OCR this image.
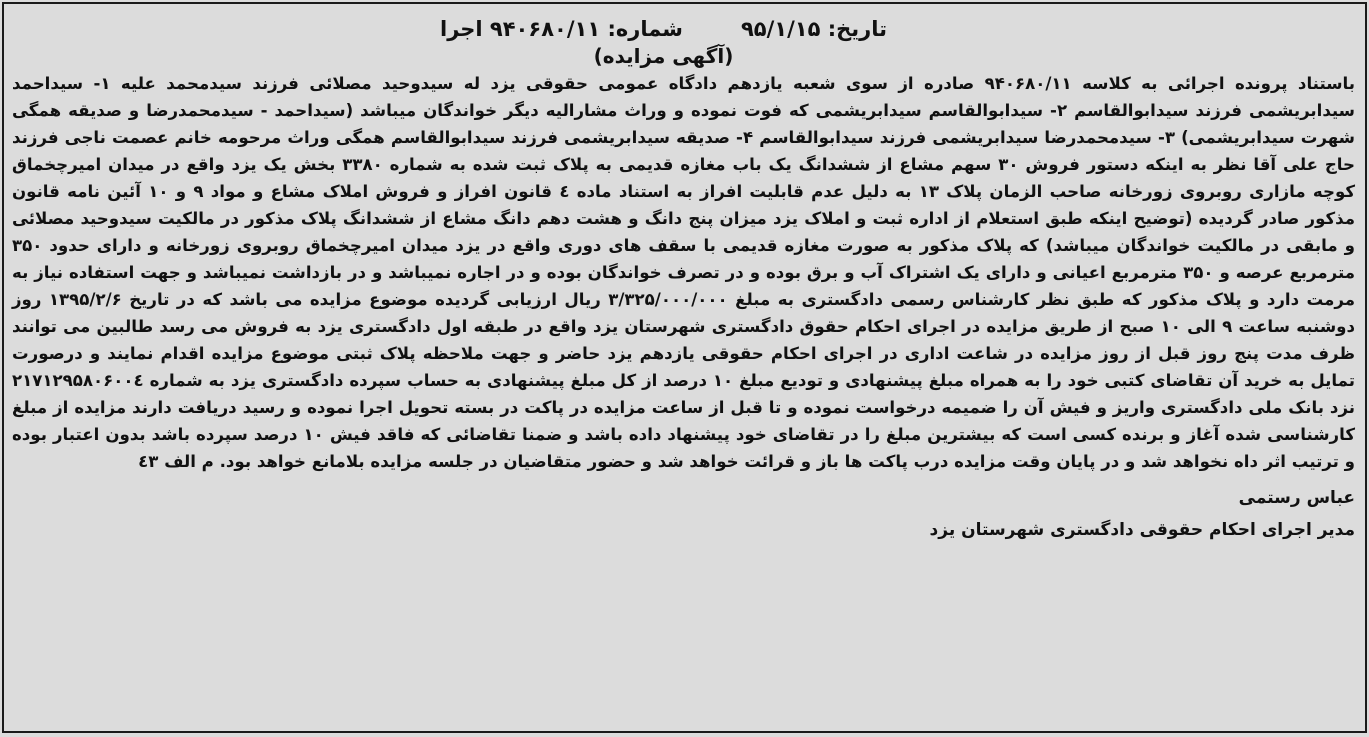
تاریخ: ۹۵/۱/۱۵
شماره: ۹۴۰۶۸۰/۱۱ اجرا
(آگهی مزایده)
باستناد پرونده اجرائی به کلاسه ۹۴۰۶۸۰/۱۱ صادره از سوی شعبه یازدهم دادگاه عمومی حقوقی یزد له سیدوحید مصلائی فرزند سیدمحمد علیه ۱- سیداحمد سیدابریشمی فرزند سیدابوالقاسم ۲- سیدابوالقاسم سیدابریشمی که فوت نموده و وراث مشارالیه دیگر خواندگان میباشد (سیداحمد - سیدمحمدرضا و صدیقه همگی شهرت سیدابریشمی) ۳- سیدمحمدرضا سیدابریشمی فرزند سیدابوالقاسم ۴- صدیقه سیدابریشمی فرزند سیدابوالقاسم همگی وراث مرحومه خانم عصمت ناجی فرزند حاج علی آقا نظر به اینکه دستور فروش ۳۰ سهم مشاع از ششدانگ یک باب مغازه قدیمی به پلاک ثبت شده به شماره ۳۳۸۰ بخش یک یزد واقع در میدان امیرچخماق کوچه مازاری روبروی زورخانه صاحب الزمان پلاک ۱۳ به دلیل عدم قابلیت افراز به استناد ماده ٤ قانون افراز و فروش املاک مشاع و مواد ۹ و ۱۰ آئین نامه قانون مذکور صادر گردیده (توضیح اینکه طبق استعلام از اداره ثبت و املاک یزد میزان پنج دانگ و هشت دهم دانگ مشاع از ششدانگ پلاک مذکور در مالکیت سیدوحید مصلائی و مابقی در مالکیت خواندگان میباشد) که پلاک مذکور به صورت مغازه قدیمی با سقف های دوری واقع در یزد میدان امیرچخماق روبروی زورخانه و دارای حدود ۳۵۰ مترمربع عرصه و ۳۵۰ مترمربع اعیانی و دارای یک اشتراک آب و برق بوده و در تصرف خواندگان بوده و در اجاره نمیباشد و در بازداشت نمیباشد و جهت استفاده نیاز به مرمت دارد و پلاک مذکور که طبق نظر کارشناس رسمی دادگستری به مبلغ ۳/۳۲۵/۰۰۰/۰۰۰ ریال ارزیابی گردیده موضوع مزایده می باشد که در تاریخ ۱۳۹۵/۲/۶ روز دوشنبه ساعت ۹ الی ۱۰ صبح از طریق مزایده در اجرای احکام حقوق دادگستری شهرستان یزد واقع در طبقه اول دادگستری یزد به فروش می رسد طالبین می توانند ظرف مدت پنج روز قبل از روز مزایده در شاعت اداری در اجرای احکام حقوقی یازدهم یزد حاضر و جهت ملاحظه پلاک ثبتی موضوع مزایده اقدام نمایند و درصورت تمایل به خرید آن تقاضای کتبی خود را به همراه مبلغ پیشنهادی و تودیع مبلغ ۱۰ درصد از کل مبلغ پیشنهادی به حساب سپرده دادگستری یزد به شماره ۲۱۷۱۲۹۵۸۰۶۰۰٤ نزد بانک ملی دادگستری واریز و فیش آن را ضمیمه درخواست نموده و تا قبل از ساعت مزایده در پاکت در بسته تحویل اجرا نموده و رسید دریافت دارند مزایده از مبلغ کارشناسی شده آغاز و برنده کسی است که بیشترین مبلغ را در تقاضای خود پیشنهاد داده باشد و ضمنا تقاضائی که فاقد فیش ۱۰ درصد سپرده باشد بدون اعتبار بوده و ترتیب اثر داه نخواهد شد و در پایان وقت مزایده درب پاکت ها باز و قرائت خواهد شد و حضور متقاضیان در جلسه مزایده بلامانع خواهد بود. م الف ٤۳
عباس رستمی
مدیر اجرای احکام حقوقی دادگستری شهرستان یزد
